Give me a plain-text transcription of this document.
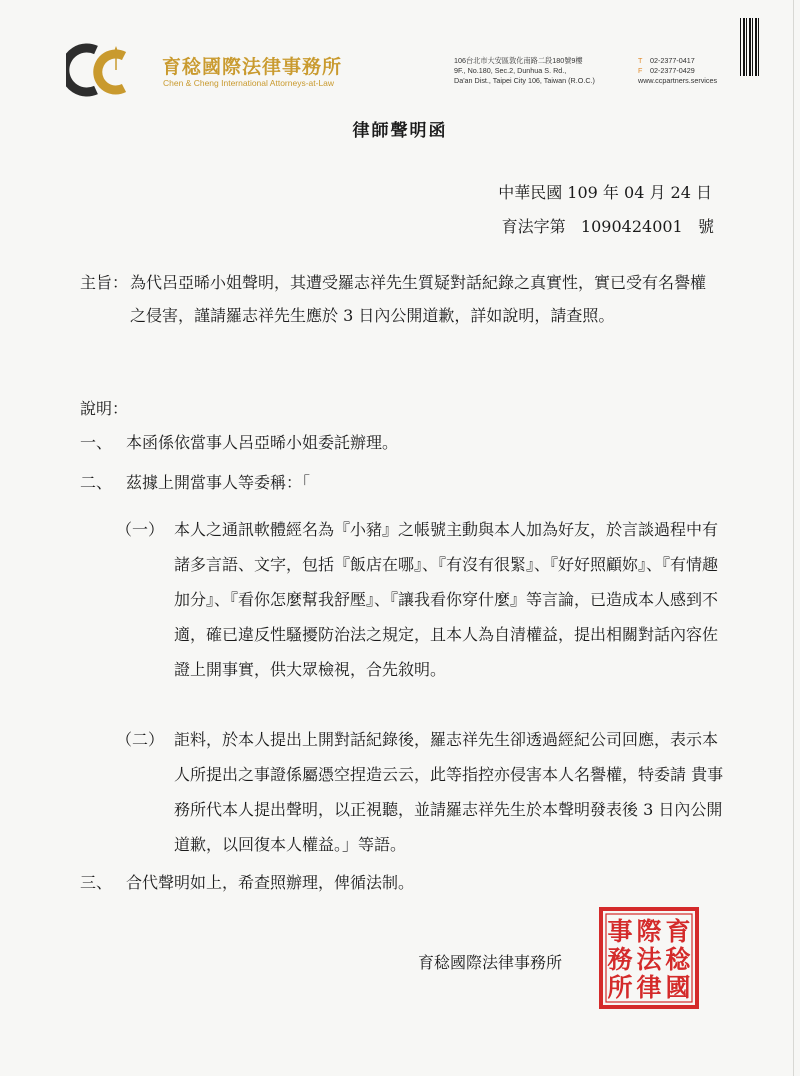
育稔國際法律事務所
Chen & Cheng International Attorneys-at-Law
106台北市大安區敦化南路二段180號9樓
9F., No.180, Sec.2, Dunhua S. Rd.,
Da'an Dist., Taipei City 106, Taiwan (R.O.C.)
T 02-2377-0417
F 02-2377-0429
www.ccpartners.services
律師聲明函
中華民國 109 年 04 月 24 日
育法字第   1090424001   號
主旨： 為代呂亞晞小姐聲明，其遭受羅志祥先生質疑對話紀錄之真實性，實已受有名譽權之侵害，謹請羅志祥先生應於 3 日內公開道歉，詳如說明，請查照。
說明：
一、 本函係依當事人呂亞晞小姐委託辦理。
二、 茲據上開當事人等委稱：「
（一） 本人之通訊軟體經名為『小豬』之帳號主動與本人加為好友，於言談過程中有諸多言語、文字，包括『飯店在哪』、『有沒有很緊』、『好好照顧妳』、『有情趣加分』、『看你怎麼幫我舒壓』、『讓我看你穿什麼』等言論，已造成本人感到不適，確已違反性騷擾防治法之規定，且本人為自清權益，提出相關對話內容佐證上開事實，供大眾檢視，合先敘明。
（二） 詎料，於本人提出上開對話紀錄後，羅志祥先生卻透過經紀公司回應，表示本人所提出之事證係屬憑空捏造云云，此等指控亦侵害本人名譽權，特委請 貴事務所代本人提出聲明，以正視聽，並請羅志祥先生於本聲明發表後 3 日內公開道歉，以回復本人權益。」等語。
三、 合代聲明如上，希查照辦理，俾循法制。
育稔國際法律事務所
育
稔
國
際
法
律
事
務
所
